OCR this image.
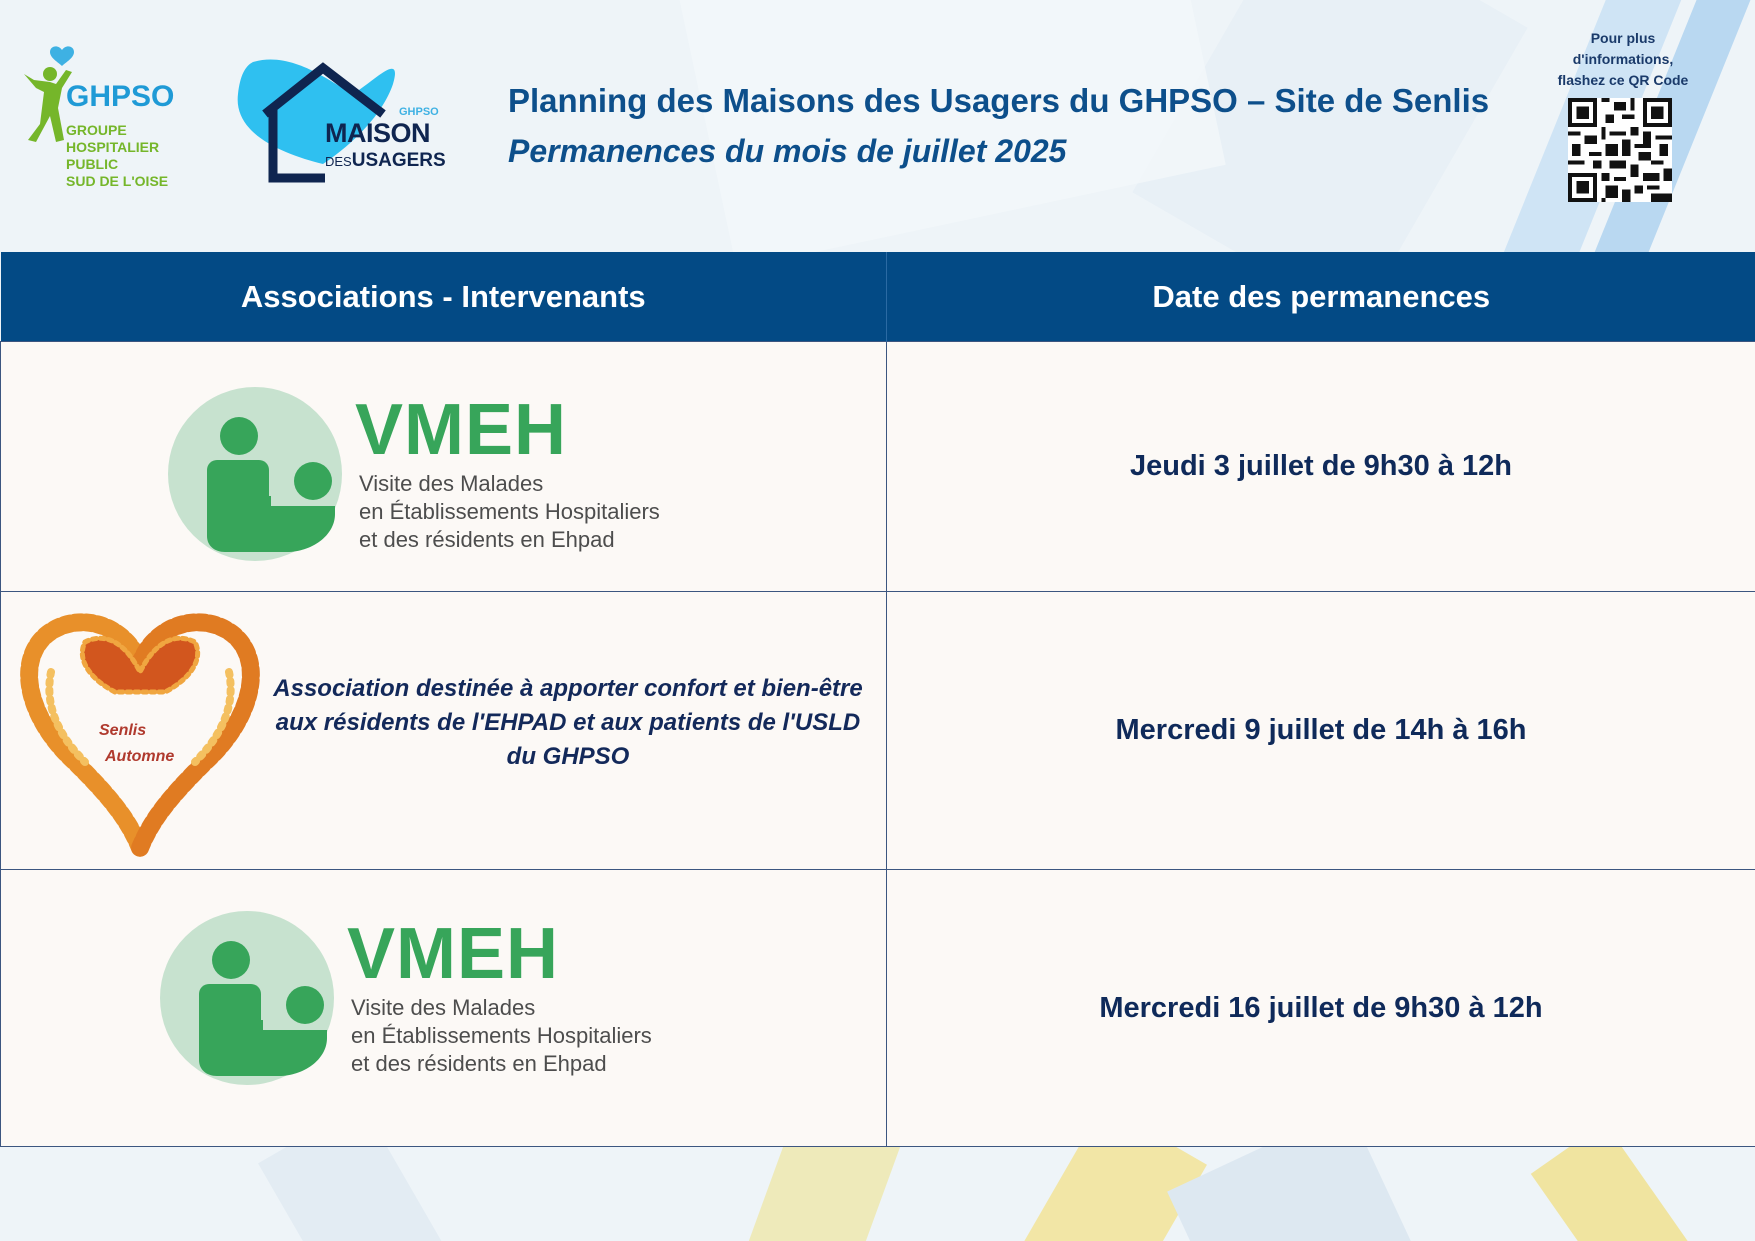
GHPSO
GROUPE
HOSPITALIER
PUBLIC
SUD DE L'OISE
GHPSO
MAISON
DESUSAGERS
Planning des Maisons des Usagers du GHPSO – Site de Senlis
Permanences du mois de juillet 2025
Pour plus
d'informations,
flashez ce QR Code
Associations - Intervenants	Date des permanences

VMEH
Visite des Malades
en Établissements Hospitaliers
et des résidents en Ehpad	Jeudi 3 juillet de 9h30 à 12h

Senlis
Automne
Association destinée à apporter confort et bien-être aux résidents de l'EHPAD et aux patients de l'USLD du GHPSO	Mercredi 9 juillet de 14h à 16h

VMEH
Visite des Malades
en Établissements Hospitaliers
et des résidents en Ehpad	Mercredi 16 juillet de 9h30 à 12h
